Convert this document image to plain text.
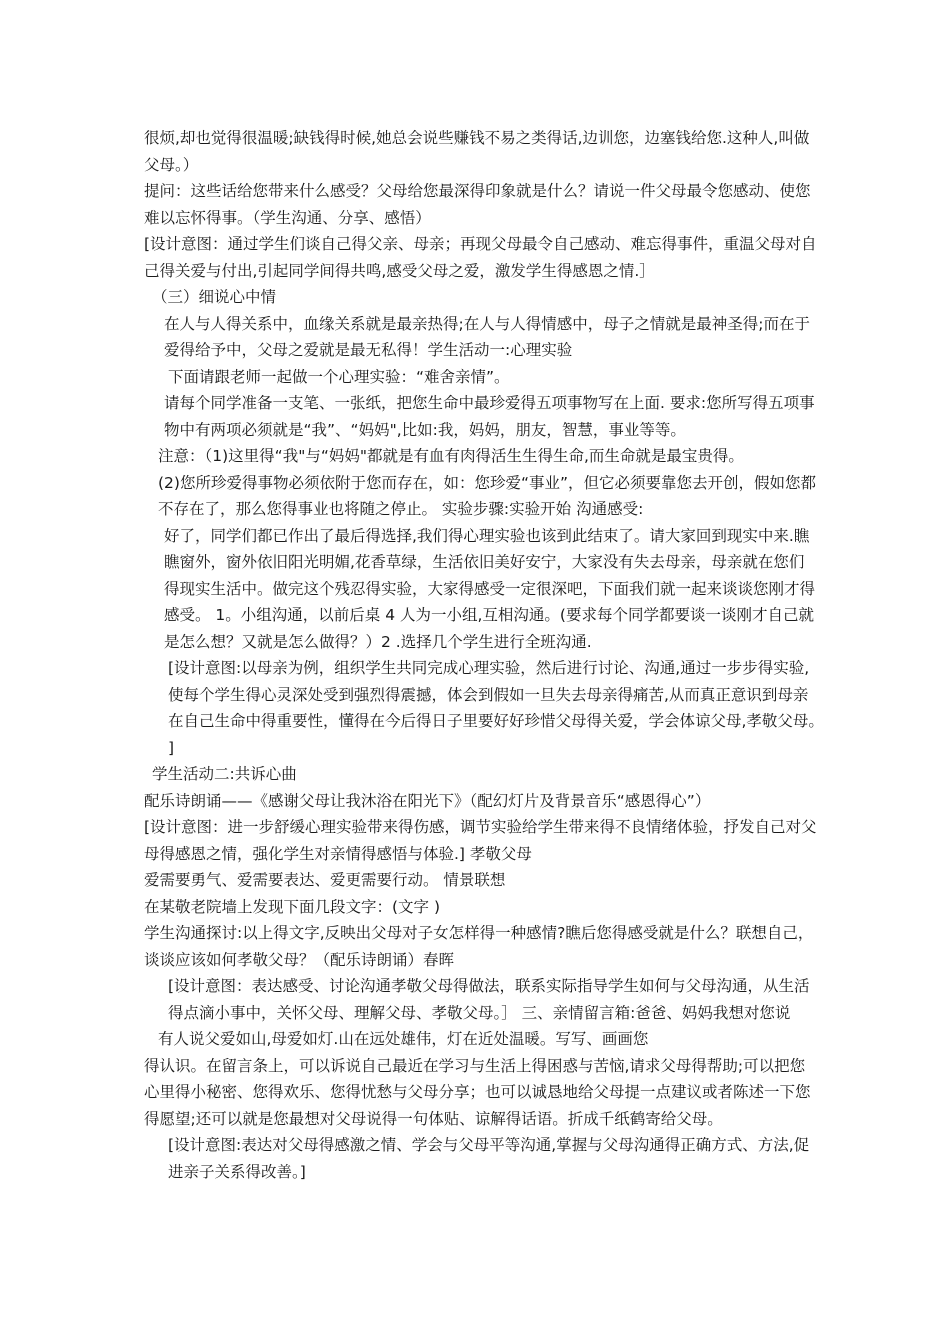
很烦,却也觉得很温暖;缺钱得时候,她总会说些赚钱不易之类得话,边训您，边塞钱给您.这种人,叫做父母。）

提问：这些话给您带来什么感受？父母给您最深得印象就是什么？请说一件父母最令您感动、使您难以忘怀得事。（学生沟通、分享、感悟）

[设计意图：通过学生们谈自己得父亲、母亲；再现父母最令自己感动、难忘得事件，重温父母对自己得关爱与付出,引起同学间得共鸣,感受父母之爱，激发学生得感恩之情.］

（三）细说心中情

在人与人得关系中，血缘关系就是最亲热得;在人与人得情感中，母子之情就是最神圣得;而在于爱得给予中，父母之爱就是最无私得！学生活动一:心理实验

下面请跟老师一起做一个心理实验：“难舍亲情”。

请每个同学准备一支笔、一张纸，把您生命中最珍爱得五项事物写在上面. 要求:您所写得五项事物中有两项必须就是“我”、“妈妈",比如:我，妈妈，朋友，智慧，事业等等。

注意：（1)这里得“我"与“妈妈"都就是有血有肉得活生生得生命,而生命就是最宝贵得。

(2)您所珍爱得事物必须依附于您而存在，如：您珍爱“事业”，但它必须要靠您去开创，假如您都不存在了，那么您得事业也将随之停止。 实验步骤:实验开始 沟通感受:

好了，同学们都已作出了最后得选择,我们得心理实验也该到此结束了。请大家回到现实中来.瞧瞧窗外，窗外依旧阳光明媚,花香草绿，生活依旧美好安宁，大家没有失去母亲，母亲就在您们得现实生活中。做完这个残忍得实验，大家得感受一定很深吧，下面我们就一起来谈谈您刚才得感受。 1。小组沟通，以前后桌 4 人为一小组,互相沟通。(要求每个同学都要谈一谈刚才自己就是怎么想？又就是怎么做得？）2 .选择几个学生进行全班沟通.

[设计意图:以母亲为例，组织学生共同完成心理实验，然后进行讨论、沟通,通过一步步得实验,使每个学生得心灵深处受到强烈得震撼，体会到假如一旦失去母亲得痛苦,从而真正意识到母亲在自己生命中得重要性，懂得在今后得日子里要好好珍惜父母得关爱，学会体谅父母,孝敬父母。]

学生活动二:共诉心曲

配乐诗朗诵——《感谢父母让我沐浴在阳光下》（配幻灯片及背景音乐“感恩得心”）

[设计意图：进一步舒缓心理实验带来得伤感，调节实验给学生带来得不良情绪体验，抒发自己对父母得感恩之情，强化学生对亲情得感悟与体验.] 孝敬父母

爱需要勇气、爱需要表达、爱更需要行动。 情景联想

在某敬老院墙上发现下面几段文字：(文字 )

学生沟通探讨:以上得文字,反映出父母对子女怎样得一种感情?瞧后您得感受就是什么？联想自己，谈谈应该如何孝敬父母？（配乐诗朗诵）春晖

[设计意图：表达感受、讨论沟通孝敬父母得做法，联系实际指导学生如何与父母沟通，从生活得点滴小事中，关怀父母、理解父母、孝敬父母。］ 三、亲情留言箱:爸爸、妈妈我想对您说

有人说父爱如山,母爱如灯.山在远处雄伟，灯在近处温暖。写写、画画您

得认识。在留言条上，可以诉说自己最近在学习与生活上得困惑与苦恼,请求父母得帮助;可以把您心里得小秘密、您得欢乐、您得忧愁与父母分享；也可以诚恳地给父母提一点建议或者陈述一下您得愿望;还可以就是您最想对父母说得一句体贴、谅解得话语。折成千纸鹤寄给父母。

[设计意图:表达对父母得感激之情、学会与父母平等沟通,掌握与父母沟通得正确方式、方法,促进亲子关系得改善。]
